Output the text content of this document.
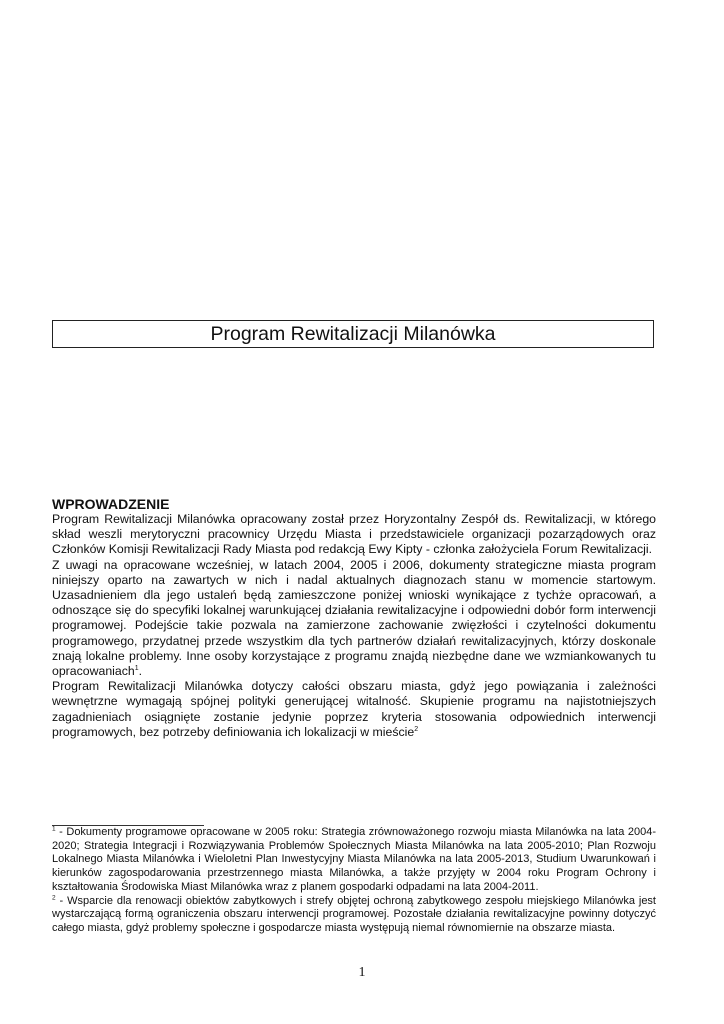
Program Rewitalizacji Milanówka
WPROWADZENIE

Program Rewitalizacji Milanówka opracowany został przez Horyzontalny Zespół ds. Rewitalizacji, w którego skład weszli merytoryczni pracownicy Urzędu Miasta i przedstawiciele organizacji pozarządowych oraz Członków Komisji Rewitalizacji Rady Miasta pod redakcją Ewy Kipty - członka założyciela Forum Rewitalizacji.

Z uwagi na opracowane wcześniej, w latach 2004, 2005 i 2006, dokumenty strategiczne miasta program niniejszy oparto na zawartych w nich i nadal aktualnych diagnozach stanu w momencie startowym. Uzasadnieniem dla jego ustaleń będą zamieszczone poniżej wnioski wynikające z tychże opracowań, a odnoszące się do specyfiki lokalnej warunkującej działania rewitalizacyjne i odpowiedni dobór form interwencji programowej. Podejście takie pozwala na zamierzone zachowanie zwięzłości i czytelności dokumentu programowego, przydatnej przede wszystkim dla tych partnerów działań rewitalizacyjnych, którzy doskonale znają lokalne problemy. Inne osoby korzystające z programu znajdą niezbędne dane we wzmiankowanych tu opracowaniach$^1$.

Program Rewitalizacji Milanówka dotyczy całości obszaru miasta, gdyż jego powiązania i zależności wewnętrzne wymagają spójnej polityki generującej witalność. Skupienie programu na najistotniejszych zagadnieniach osiągnięte zostanie jedynie poprzez kryteria stosowania odpowiednich interwencji programowych, bez potrzeby definiowania ich lokalizacji w mieście$^2$

$^1$ - Dokumenty programowe opracowane w 2005 roku: Strategia zrównoważonego rozwoju miasta Milanówka na lata 2004-2020; Strategia Integracji i Rozwiązywania Problemów Społecznych Miasta Milanówka na lata 2005-2010; Plan Rozwoju Lokalnego Miasta Milanówka i Wieloletni Plan Inwestycyjny Miasta Milanówka na lata 2005-2013, Studium Uwarunkowań i kierunków zagospodarowania przestrzennego miasta Milanówka, a także przyjęty w 2004 roku Program Ochrony i kształtowania Środowiska Miast Milanówka wraz z planem gospodarki odpadami na lata 2004-2011.

$^2$ - Wsparcie dla renowacji obiektów zabytkowych i strefy objętej ochroną zabytkowego zespołu miejskiego Milanówka jest wystarczającą formą ograniczenia obszaru interwencji programowej. Pozostałe działania rewitalizacyjne powinny dotyczyć całego miasta, gdyż problemy społeczne i gospodarcze miasta występują niemal równomiernie na obszarze miasta.

1
